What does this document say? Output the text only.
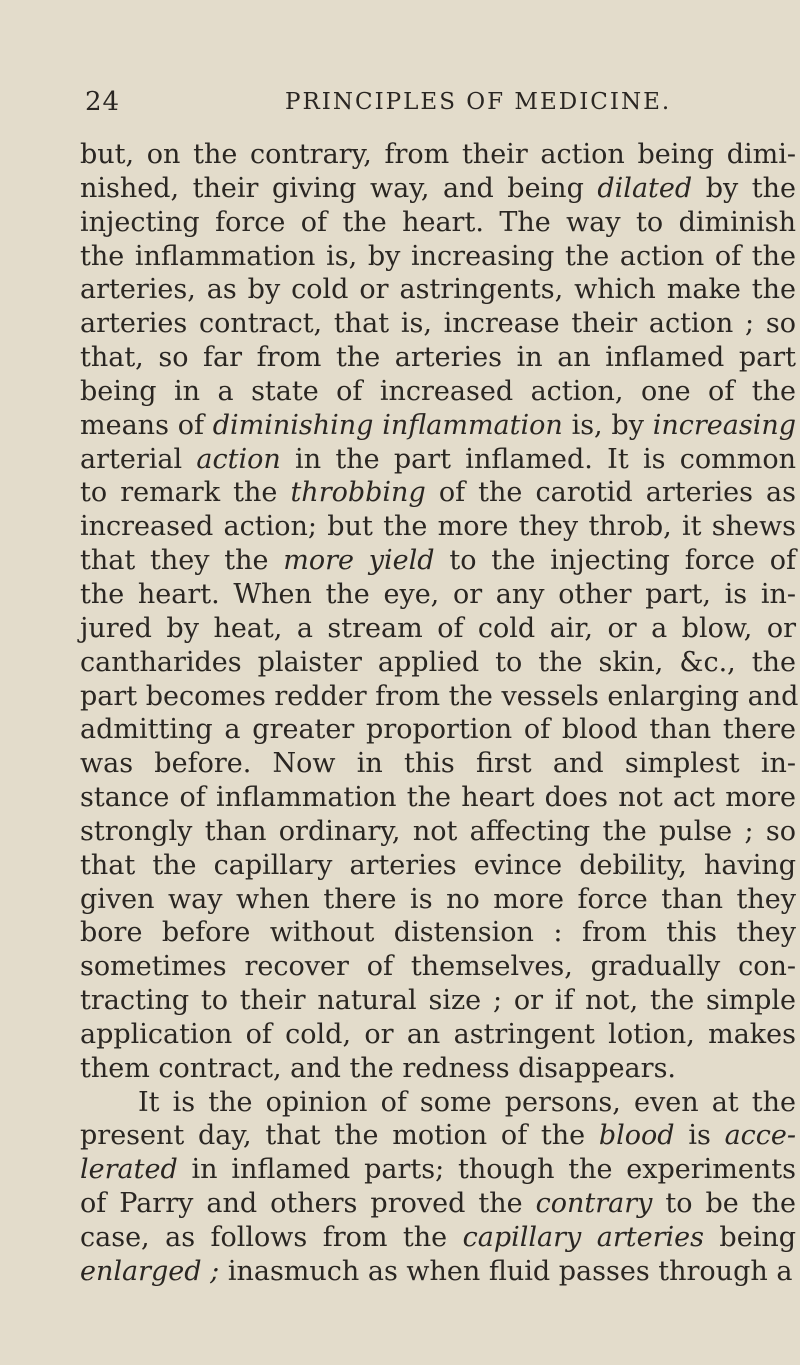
24	PRINCIPLES OF MEDICINE.
but, on the contrary, from their action being dimi-
nished, their giving way, and being dilated by the
injecting force of the heart. The way to diminish
the inflammation is, by increasing the action of the
arteries, as by cold or astringents, which make the
arteries contract, that is, increase their action ; so
that, so far from the arteries in an inflamed part
being in a state of increased action, one of the
means of diminishing inflammation is, by increasing
arterial action in the part inflamed. It is common
to remark the throbbing of the carotid arteries as
increased action; but the more they throb, it shews
that they the more yield to the injecting force of
the heart. When the eye, or any other part, is in-
jured by heat, a stream of cold air, or a blow, or
cantharides plaister applied to the skin, &c., the
part becomes redder from the vessels enlarging and
admitting a greater proportion of blood than there
was before. Now in this first and simplest in-
stance of inflammation the heart does not act more
strongly than ordinary, not affecting the pulse ; so
that the capillary arteries evince debility, having
given way when there is no more force than they
bore before without distension : from this they
sometimes recover of themselves, gradually con-
tracting to their natural size ; or if not, the simple
application of cold, or an astringent lotion, makes
them contract, and the redness disappears.
It is the opinion of some persons, even at the
present day, that the motion of the blood is acce-
lerated in inflamed parts; though the experiments
of Parry and others proved the contrary to be the
case, as follows from the capillary arteries being
enlarged ; inasmuch as when fluid passes through a
